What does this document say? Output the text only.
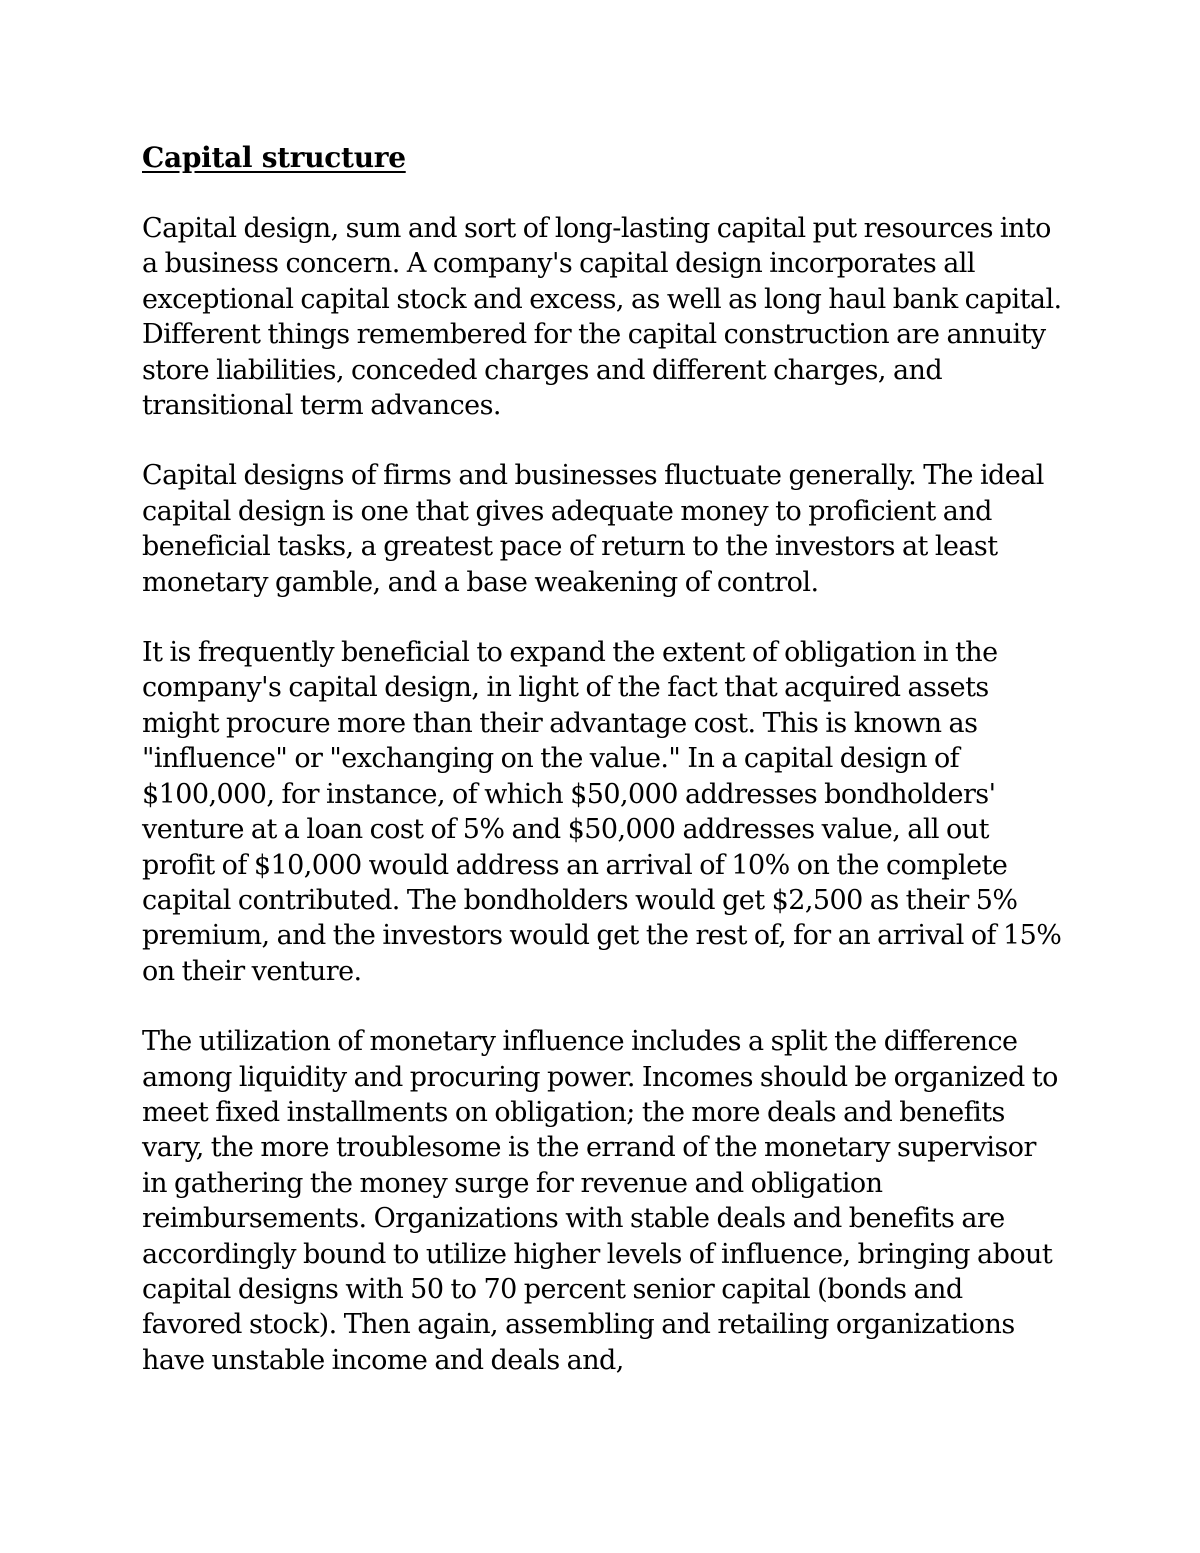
Capital structure

Capital design, sum and sort of long-lasting capital put resources into a business concern. A company's capital design incorporates all exceptional capital stock and excess, as well as long haul bank capital. Different things remembered for the capital construction are annuity store liabilities, conceded charges and different charges, and transitional term advances.

Capital designs of firms and businesses fluctuate generally. The ideal capital design is one that gives adequate money to proficient and beneficial tasks, a greatest pace of return to the investors at least monetary gamble, and a base weakening of control.

It is frequently beneficial to expand the extent of obligation in the company's capital design, in light of the fact that acquired assets might procure more than their advantage cost. This is known as "influence" or "exchanging on the value." In a capital design of $100,000, for instance, of which $50,000 addresses bondholders' venture at a loan cost of 5% and $50,000 addresses value, all out profit of $10,000 would address an arrival of 10% on the complete capital contributed. The bondholders would get $2,500 as their 5% premium, and the investors would get the rest of, for an arrival of 15% on their venture.

The utilization of monetary influence includes a split the difference among liquidity and procuring power. Incomes should be organized to meet fixed installments on obligation; the more deals and benefits vary, the more troublesome is the errand of the monetary supervisor in gathering the money surge for revenue and obligation reimbursements. Organizations with stable deals and benefits are accordingly bound to utilize higher levels of influence, bringing about capital designs with 50 to 70 percent senior capital (bonds and favored stock). Then again, assembling and retailing organizations have unstable income and deals and,
